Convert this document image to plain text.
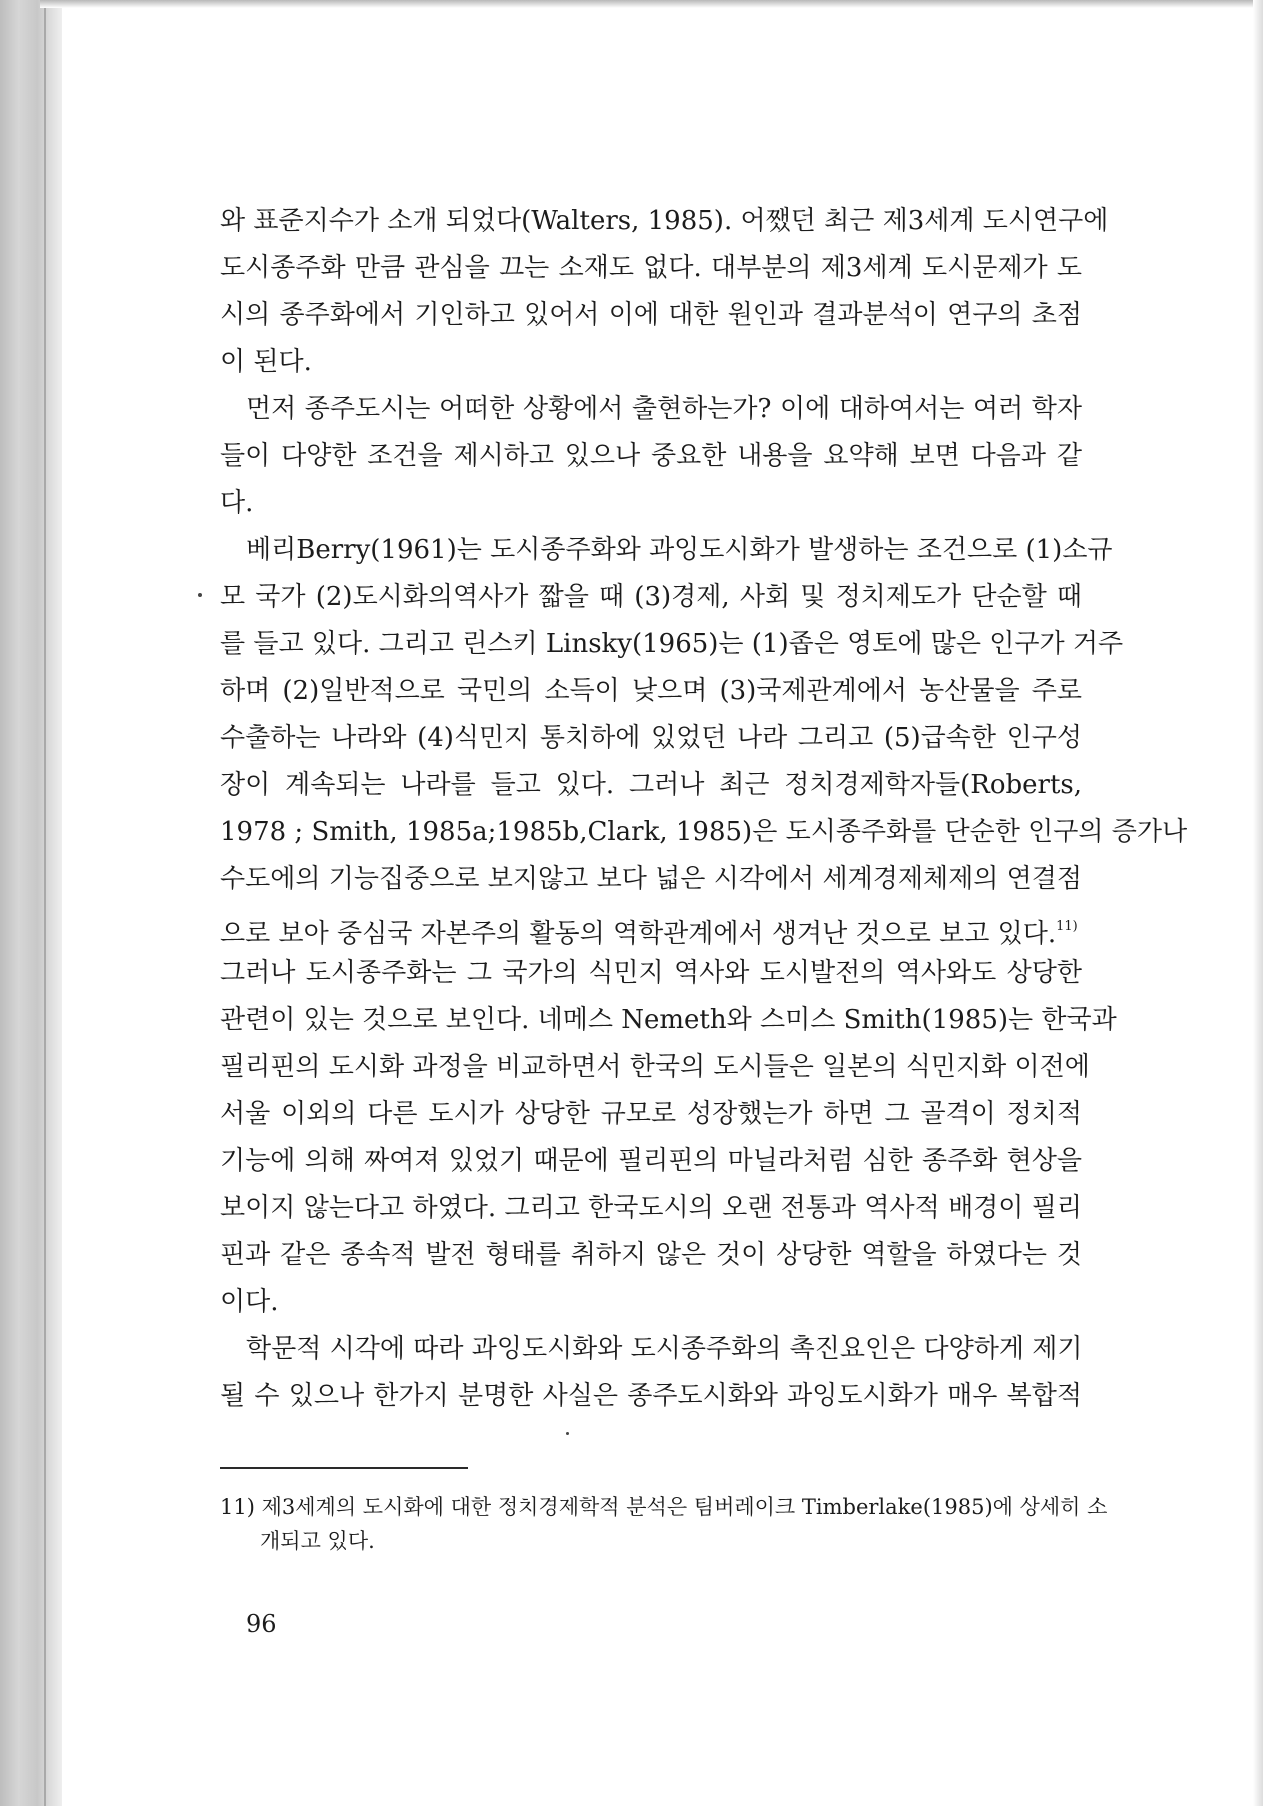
와 표준지수가 소개 되었다(Walters, 1985). 어쨌던 최근 제3세계 도시연구에
도시종주화 만큼 관심을 끄는 소재도 없다. 대부분의 제3세계 도시문제가 도
시의 종주화에서 기인하고 있어서 이에 대한 원인과 결과분석이 연구의 초점
이 된다.
먼저 종주도시는 어떠한 상황에서 출현하는가? 이에 대하여서는 여러 학자
들이 다양한 조건을 제시하고 있으나 중요한 내용을 요약해 보면 다음과 같
다.
베리Berry(1961)는 도시종주화와 과잉도시화가 발생하는 조건으로 (1)소규
모 국가 (2)도시화의역사가 짧을 때 (3)경제, 사회 및 정치제도가 단순할 때
를 들고 있다. 그리고 린스키 Linsky(1965)는 (1)좁은 영토에 많은 인구가 거주
하며 (2)일반적으로 국민의 소득이 낮으며 (3)국제관계에서 농산물을 주로
수출하는 나라와 (4)식민지 통치하에 있었던 나라 그리고 (5)급속한 인구성
장이 계속되는 나라를 들고 있다. 그러나 최근 정치경제학자들(Roberts,
1978 ; Smith, 1985a;1985b,Clark, 1985)은 도시종주화를 단순한 인구의 증가나
수도에의 기능집중으로 보지않고 보다 넓은 시각에서 세계경제체제의 연결점
으로 보아 중심국 자본주의 활동의 역학관계에서 생겨난 것으로 보고 있다.$^{11)}$
그러나 도시종주화는 그 국가의 식민지 역사와 도시발전의 역사와도 상당한
관련이 있는 것으로 보인다. 네메스 Nemeth와 스미스 Smith(1985)는 한국과
필리핀의 도시화 과정을 비교하면서 한국의 도시들은 일본의 식민지화 이전에
서울 이외의 다른 도시가 상당한 규모로 성장했는가 하면 그 골격이 정치적
기능에 의해 짜여져 있었기 때문에 필리핀의 마닐라처럼 심한 종주화 현상을
보이지 않는다고 하였다. 그리고 한국도시의 오랜 전통과 역사적 배경이 필리
핀과 같은 종속적 발전 형태를 취하지 않은 것이 상당한 역할을 하였다는 것
이다.
학문적 시각에 따라 과잉도시화와 도시종주화의 촉진요인은 다양하게 제기
될 수 있으나 한가지 분명한 사실은 종주도시화와 과잉도시화가 매우 복합적
11) 제3세계의 도시화에 대한 정치경제학적 분석은 팀버레이크 Timberlake(1985)에 상세히 소
개되고 있다.
96
